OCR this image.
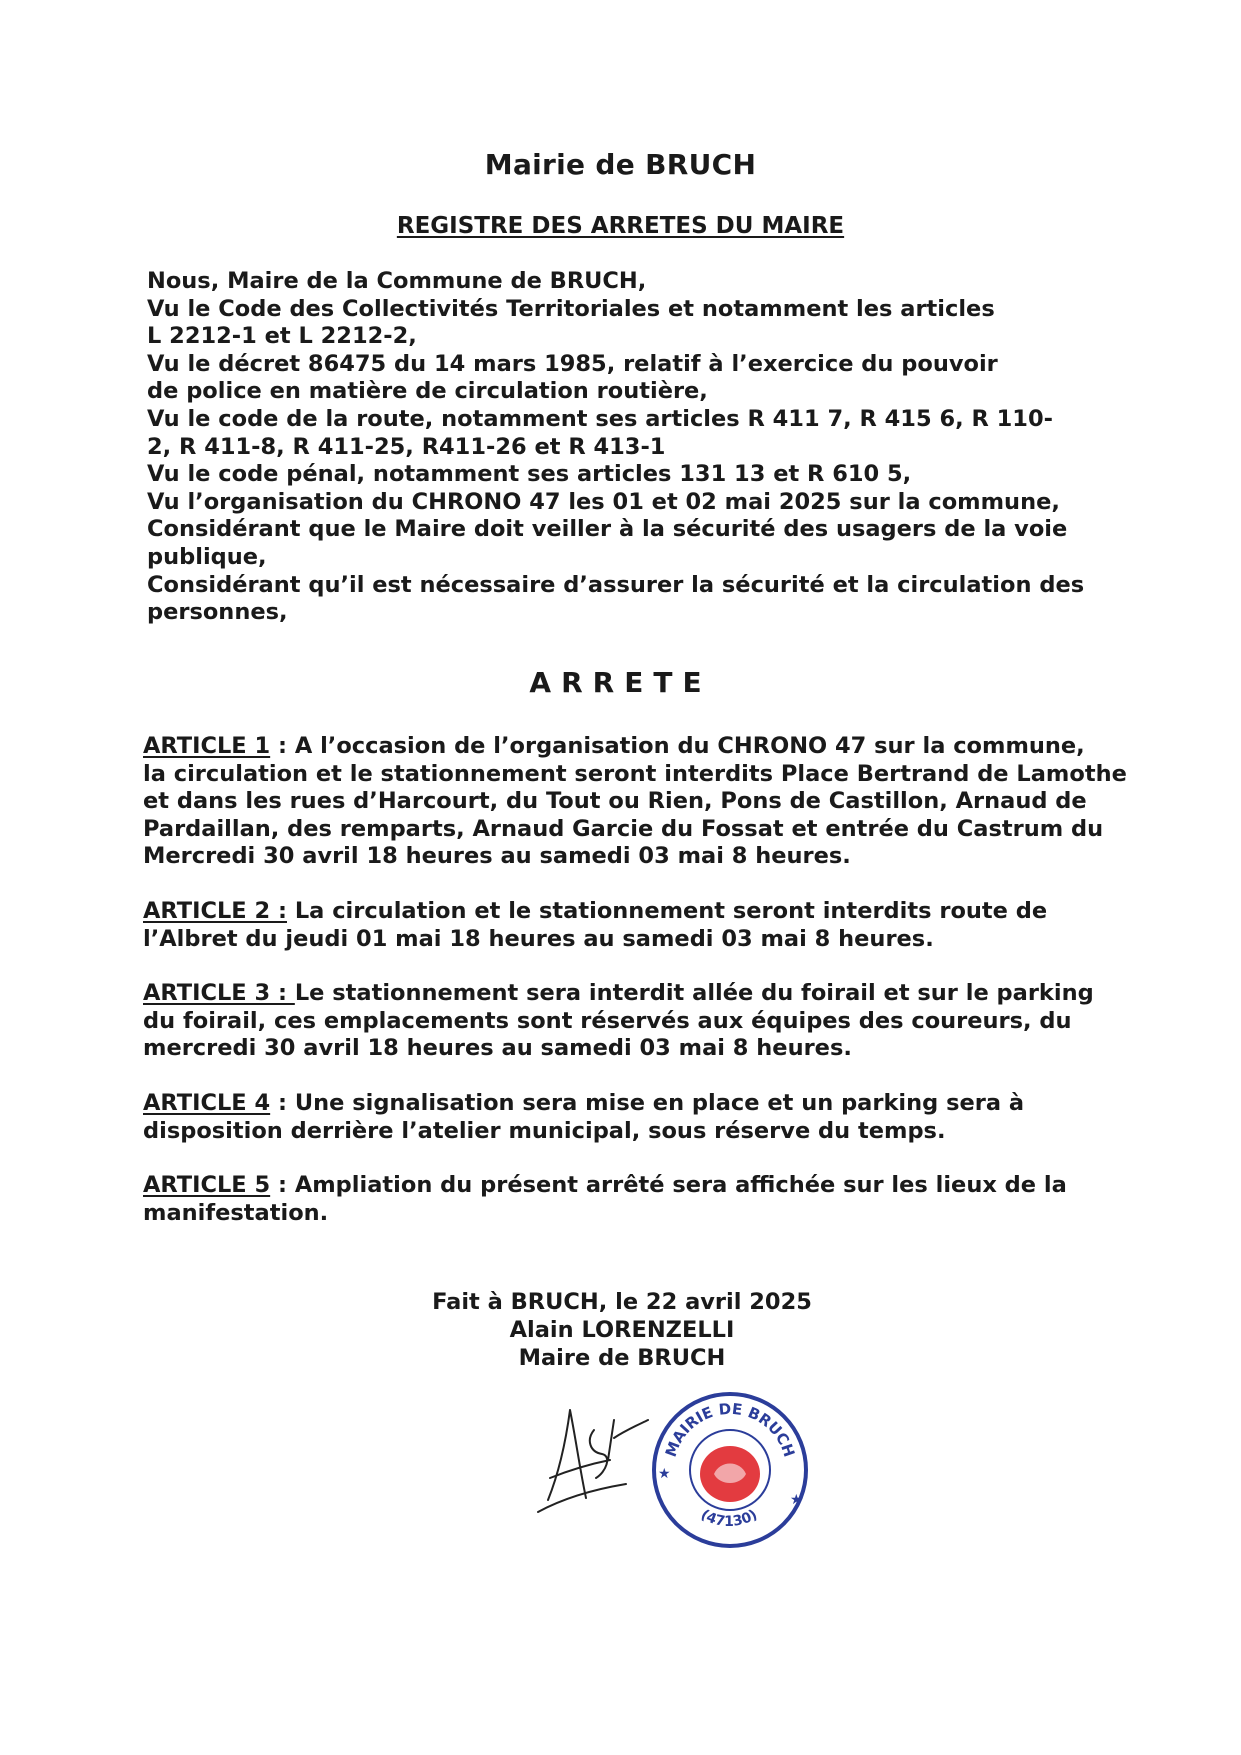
Mairie de BRUCH
REGISTRE DES ARRETES DU MAIRE
Nous, Maire de la Commune de BRUCH,
Vu le Code des Collectivités Territoriales et notamment les articles
L 2212-1 et L 2212-2,
Vu le décret 86475 du 14 mars 1985, relatif à l’exercice du pouvoir
de police en matière de circulation routière,
Vu le code de la route, notamment ses articles R 411 7, R 415 6, R 110-
2, R 411-8, R 411-25, R411-26 et R 413-1
Vu le code pénal, notamment ses articles 131 13 et R 610 5,
Vu l’organisation du CHRONO 47 les 01 et 02 mai 2025 sur la commune,
Considérant que le Maire doit veiller à la sécurité des usagers de la voie
publique,
Considérant qu’il est nécessaire d’assurer la sécurité et la circulation des
personnes,
ARRETE
ARTICLE 1 : A l’occasion de l’organisation du CHRONO 47 sur la commune,
la circulation et le stationnement seront interdits Place Bertrand de Lamothe
et dans les rues d’Harcourt, du Tout ou Rien, Pons de Castillon, Arnaud de
Pardaillan, des remparts, Arnaud Garcie du Fossat et entrée du Castrum du
Mercredi 30 avril 18 heures au samedi 03 mai 8 heures.
ARTICLE 2 : La circulation et le stationnement seront interdits route de
l’Albret du jeudi 01 mai 18 heures au samedi 03 mai 8 heures.
ARTICLE 3 : Le stationnement sera interdit allée du foirail et sur le parking
du foirail, ces emplacements sont réservés aux équipes des coureurs, du
mercredi 30 avril 18 heures au samedi 03 mai 8 heures.
ARTICLE 4 : Une signalisation sera mise en place et un parking sera à
disposition derrière l’atelier municipal, sous réserve du temps.
ARTICLE 5 : Ampliation du présent arrêté sera affichée sur les lieux de la
manifestation.
Fait à BRUCH, le 22 avril 2025
Alain LORENZELLI
Maire de BRUCH
MAIRIE DE BRUCH
(47130)
★
★
